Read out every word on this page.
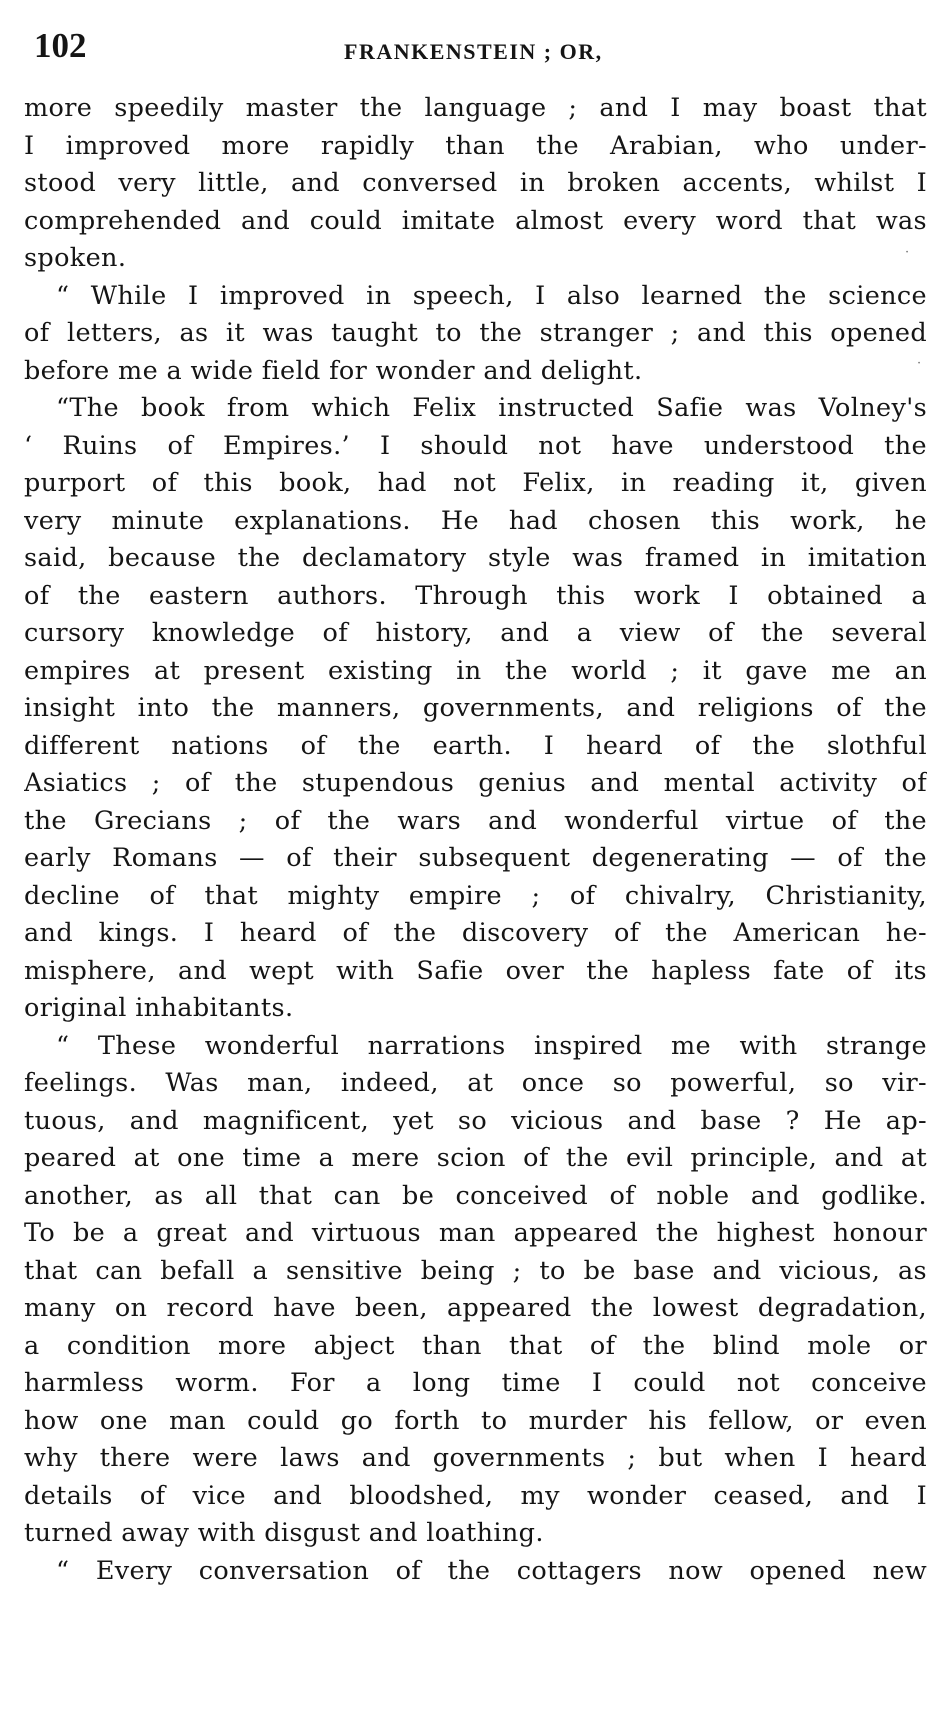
102	FRANKENSTEIN ; OR,
more speedily master the language ; and I may boast that
I improved more rapidly than the Arabian, who under-
stood very little, and conversed in broken accents, whilst I
comprehended and could imitate almost every word that was
spoken.
“ While I improved in speech, I also learned the science
of letters, as it was taught to the stranger ; and this opened
before me a wide field for wonder and delight.
“The book from which Felix instructed Safie was Volney's
‘ Ruins of Empires.’ I should not have understood the
purport of this book, had not Felix, in reading it, given
very minute explanations. He had chosen this work, he
said, because the declamatory style was framed in imitation
of the eastern authors. Through this work I obtained a
cursory knowledge of history, and a view of the several
empires at present existing in the world ; it gave me an
insight into the manners, governments, and religions of the
different nations of the earth. I heard of the slothful
Asiatics ; of the stupendous genius and mental activity of
the Grecians ; of the wars and wonderful virtue of the
early Romans — of their subsequent degenerating — of the
decline of that mighty empire ; of chivalry, Christianity,
and kings. I heard of the discovery of the American he-
misphere, and wept with Safie over the hapless fate of its
original inhabitants.
“ These wonderful narrations inspired me with strange
feelings. Was man, indeed, at once so powerful, so vir-
tuous, and magnificent, yet so vicious and base ? He ap-
peared at one time a mere scion of the evil principle, and at
another, as all that can be conceived of noble and godlike.
To be a great and virtuous man appeared the highest honour
that can befall a sensitive being ; to be base and vicious, as
many on record have been, appeared the lowest degradation,
a condition more abject than that of the blind mole or
harmless worm. For a long time I could not conceive
how one man could go forth to murder his fellow, or even
why there were laws and governments ; but when I heard
details of vice and bloodshed, my wonder ceased, and I
turned away with disgust and loathing.
“ Every conversation of the cottagers now opened new
·
·
